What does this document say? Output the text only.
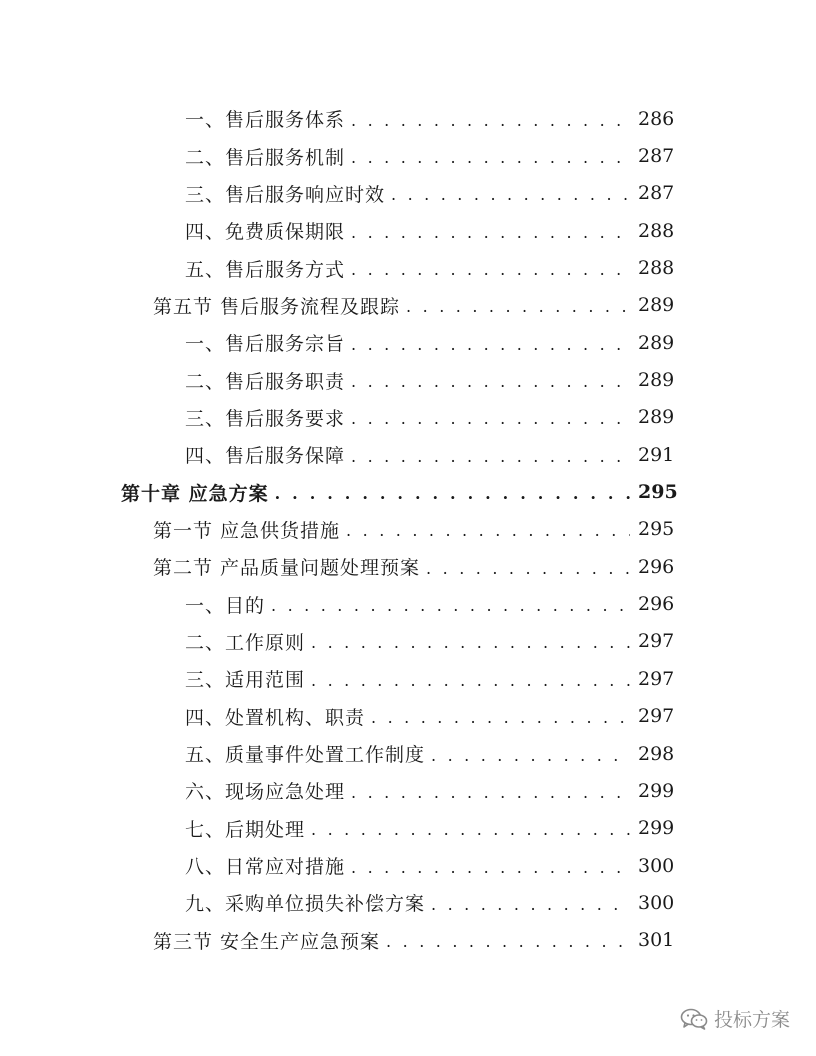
一、售后服务体系 . . .	286
二、售后服务机制 . . .	287
三、售后服务响应时效 . . .	287
四、免费质保期限 . . .	288
五、售后服务方式 . . .	288
第五节 售后服务流程及跟踪 . . .	289
一、售后服务宗旨 . . .	289
二、售后服务职责 . . .	289
三、售后服务要求 . . .	289
四、售后服务保障 . . .	291
第十章 应急方案 . . .	295
第一节 应急供货措施 . . .	295
第二节 产品质量问题处理预案 . . .	296
一、目的 . . .	296
二、工作原则 . . .	297
三、适用范围 . . .	297
四、处置机构、职责 . . .	297
五、质量事件处置工作制度 . . .	298
六、现场应急处理 . . .	299
七、后期处理 . . .	299
八、日常应对措施 . . .	300
九、采购单位损失补偿方案 . . .	300
第三节 安全生产应急预案 . . .	301
投标方案
